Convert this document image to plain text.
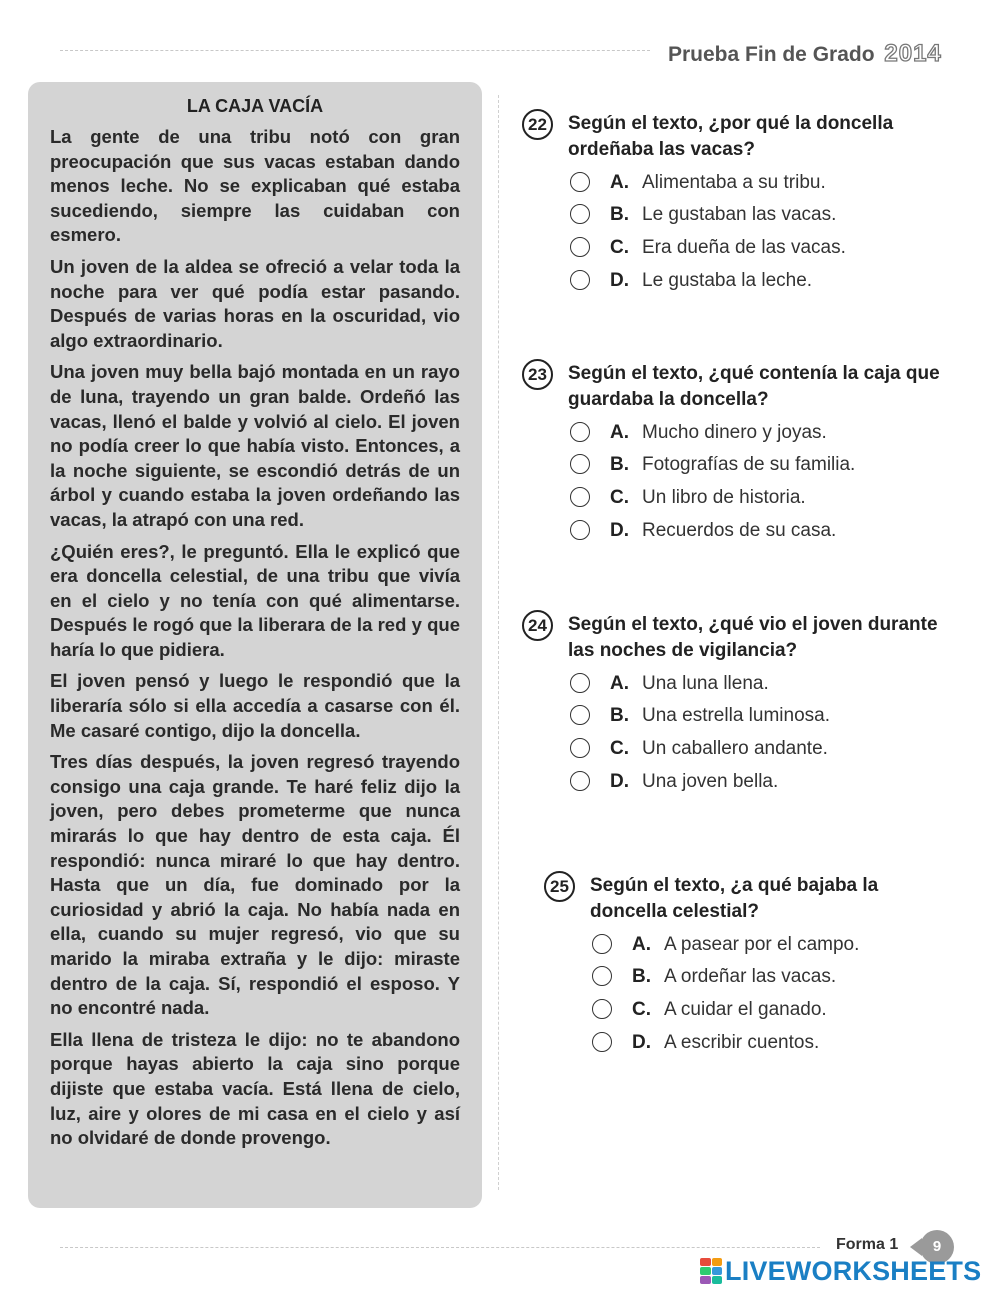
Prueba Fin de Grado 2014
LA CAJA VACÍA

La gente de una tribu notó con gran preocupación que sus vacas estaban dando menos leche. No se explicaban qué estaba sucediendo, siempre las cuidaban con esmero.

Un joven de la aldea se ofreció a velar toda la noche para ver qué podía estar pasando. Después de varias horas en la oscuridad, vio algo extraordinario.

Una joven muy bella bajó montada en un rayo de luna, trayendo un gran balde. Ordeñó las vacas, llenó el balde y volvió al cielo. El joven no podía creer lo que había visto. Entonces, a la noche siguiente, se escondió detrás de un árbol y cuando estaba la joven ordeñando las vacas, la atrapó con una red.

¿Quién eres?, le preguntó. Ella le explicó que era doncella celestial, de una tribu que vivía en el cielo y no tenía con qué alimentarse. Después le rogó que la liberara de la red y que haría lo que pidiera.

El joven pensó y luego le respondió que la liberaría sólo si ella accedía a casarse con él. Me casaré contigo, dijo la doncella.

Tres días después, la joven regresó trayendo consigo una caja grande. Te haré feliz dijo la joven, pero debes prometerme que nunca mirarás lo que hay dentro de esta caja. Él respondió: nunca miraré lo que hay dentro. Hasta que un día, fue dominado por la curiosidad y abrió la caja. No había nada en ella, cuando su mujer regresó, vio que su marido la miraba extraña y le dijo: miraste dentro de la caja. Sí, respondió el esposo. Y no encontré nada.

Ella llena de tristeza le dijo: no te abandono porque hayas abierto la caja sino porque dijiste que estaba vacía. Está llena de cielo, luz, aire y olores de mi casa en el cielo y así no olvidaré de donde provengo.

22	Según el texto, ¿por qué la doncella ordeñaba las vacas?
A. Alimentaba a su tribu.
B. Le gustaban las vacas.
C. Era dueña de las vacas.
D. Le gustaba la leche.
23	Según el texto, ¿qué contenía la caja que guardaba la doncella?
A. Mucho dinero y joyas.
B. Fotografías de su familia.
C. Un libro de historia.
D. Recuerdos de su casa.
24	Según el texto, ¿qué vio el joven durante las noches de vigilancia?
A. Una luna llena.
B. Una estrella luminosa.
C. Un caballero andante.
D. Una joven bella.
25	Según el texto, ¿a qué bajaba la doncella celestial?
A. A pasear por el campo.
B. A ordeñar las vacas.
C. A cuidar el ganado.
D. A escribir cuentos.
Forma 1	9
LIVEWORKSHEETS
